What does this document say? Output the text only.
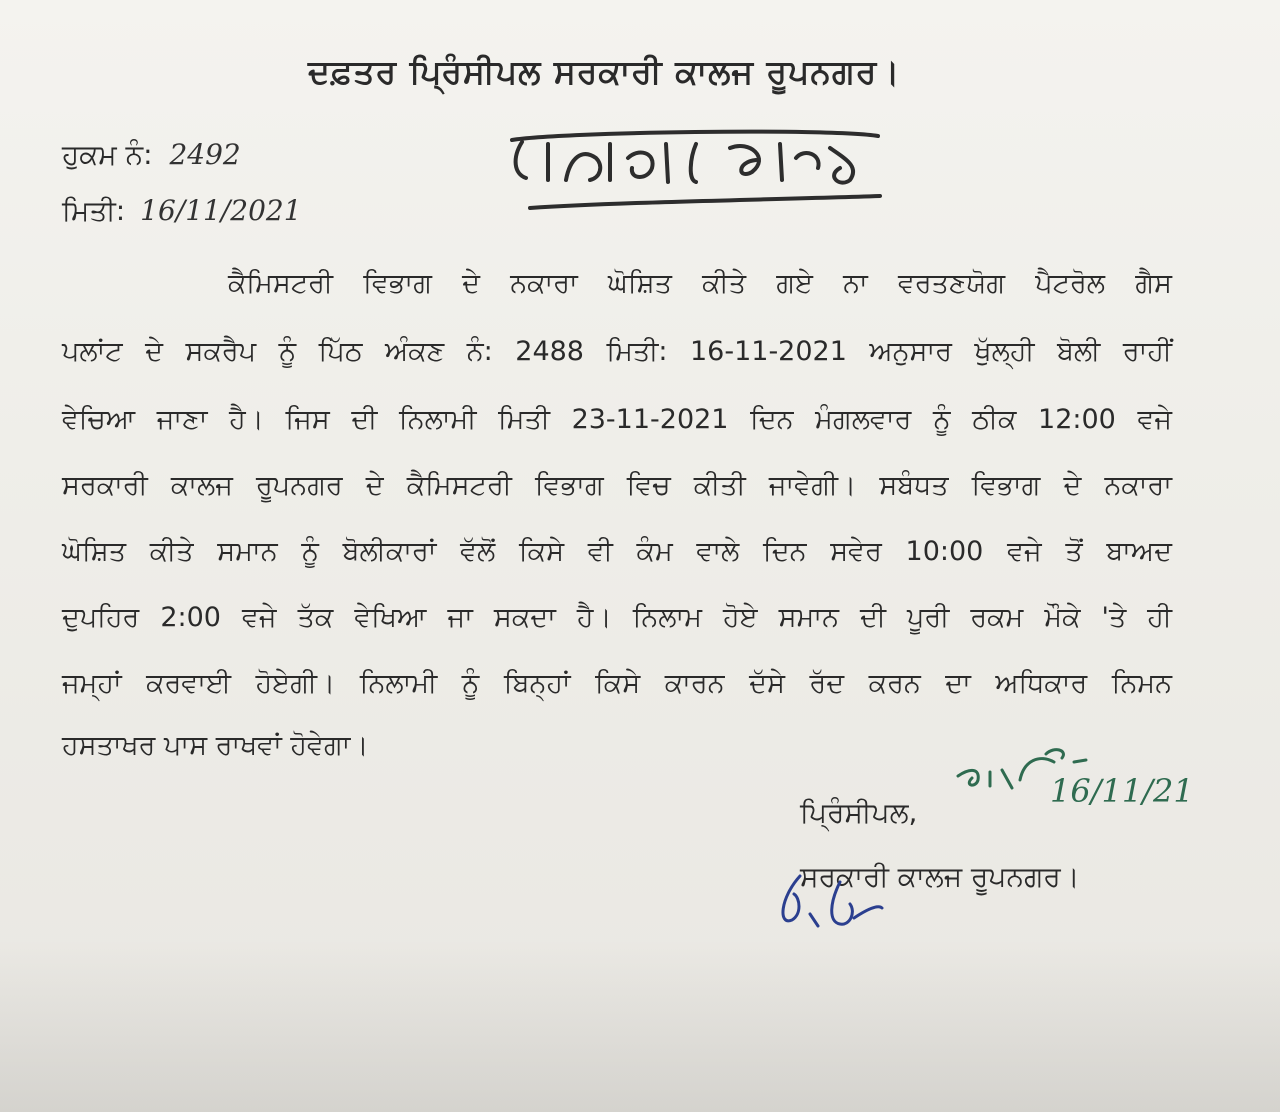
ਦਫ਼ਤਰ ਪ੍ਰਿੰਸੀਪਲ ਸਰਕਾਰੀ ਕਾਲਜ ਰੂਪਨਗਰ।
ਹੁਕਮ ਨੰ: 2492
ਮਿਤੀ: 16/11/2021
ਕੈਮਿਸਟਰੀ ਵਿਭਾਗ ਦੇ ਨਕਾਰਾ ਘੋਸ਼ਿਤ ਕੀਤੇ ਗਏ ਨਾ ਵਰਤਣਯੋਗ ਪੈਟਰੋਲ ਗੈਸ
ਪਲਾਂਟ ਦੇ ਸਕਰੈਪ ਨੂੰ ਪਿੱਠ ਅੰਕਣ ਨੰ: 2488 ਮਿਤੀ: 16-11-2021 ਅਨੁਸਾਰ ਖੁੱਲ੍ਹੀ ਬੋਲੀ ਰਾਹੀਂ
ਵੇਚਿਆ ਜਾਣਾ ਹੈ। ਜਿਸ ਦੀ ਨਿਲਾਮੀ ਮਿਤੀ 23-11-2021 ਦਿਨ ਮੰਗਲਵਾਰ ਨੂੰ ਠੀਕ 12:00 ਵਜੇ
ਸਰਕਾਰੀ ਕਾਲਜ ਰੂਪਨਗਰ ਦੇ ਕੈਮਿਸਟਰੀ ਵਿਭਾਗ ਵਿਚ ਕੀਤੀ ਜਾਵੇਗੀ। ਸਬੰਧਤ ਵਿਭਾਗ ਦੇ ਨਕਾਰਾ
ਘੋਸ਼ਿਤ ਕੀਤੇ ਸਮਾਨ ਨੂੰ ਬੋਲੀਕਾਰਾਂ ਵੱਲੋਂ ਕਿਸੇ ਵੀ ਕੰਮ ਵਾਲੇ ਦਿਨ ਸਵੇਰ 10:00 ਵਜੇ ਤੋਂ ਬਾਅਦ
ਦੁਪਹਿਰ 2:00 ਵਜੇ ਤੱਕ ਵੇਖਿਆ ਜਾ ਸਕਦਾ ਹੈ। ਨਿਲਾਮ ਹੋਏ ਸਮਾਨ ਦੀ ਪੂਰੀ ਰਕਮ ਮੌਕੇ 'ਤੇ ਹੀ
ਜਮ੍ਹਾਂ ਕਰਵਾਈ ਹੋਏਗੀ। ਨਿਲਾਮੀ ਨੂੰ ਬਿਨ੍ਹਾਂ ਕਿਸੇ ਕਾਰਨ ਦੱਸੇ ਰੱਦ ਕਰਨ ਦਾ ਅਧਿਕਾਰ ਨਿਮਨ
ਹਸਤਾਖਰ ਪਾਸ ਰਾਖਵਾਂ ਹੋਵੇਗਾ।
16/11/21
ਪ੍ਰਿੰਸੀਪਲ,
ਸਰਕਾਰੀ ਕਾਲਜ ਰੂਪਨਗਰ।
